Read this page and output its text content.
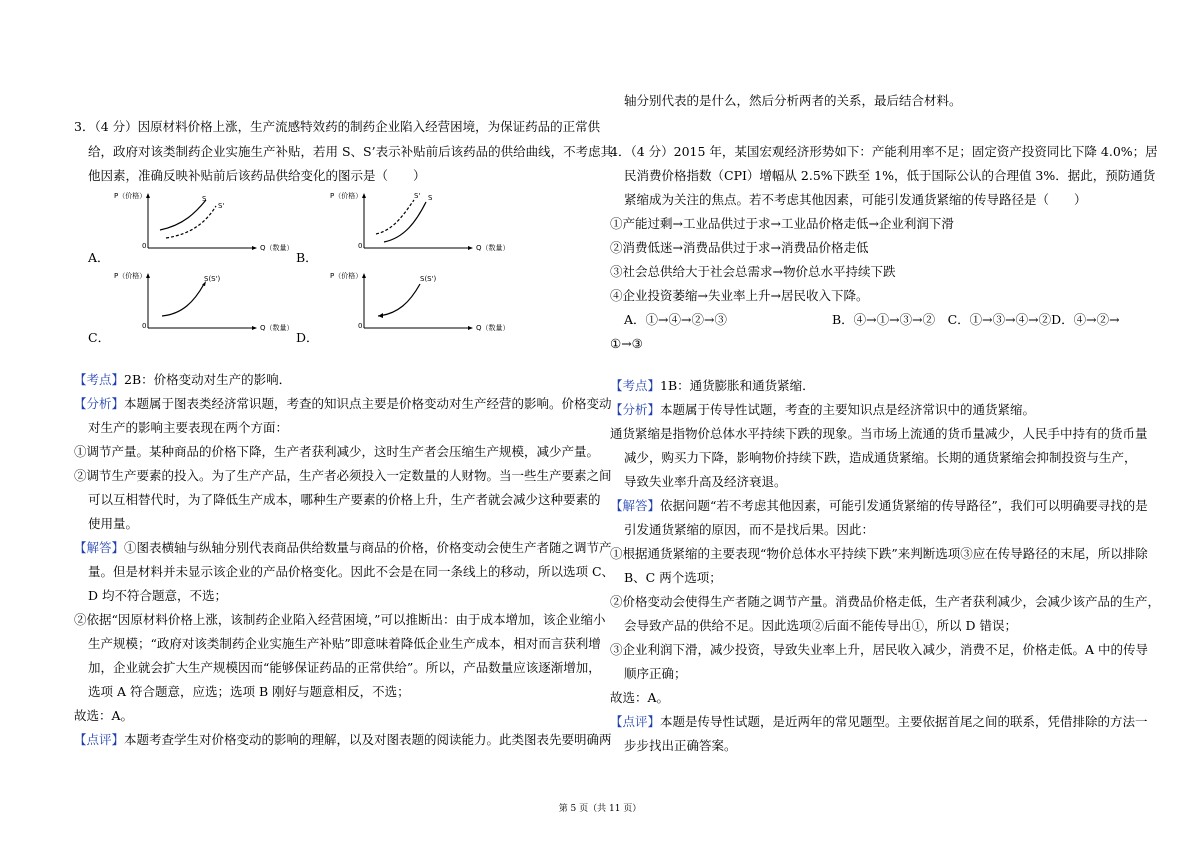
3．（4 分）因原材料价格上涨，生产流感特效药的制药企业陷入经营困境，为保证药品的正常供
给，政府对该类制药企业实施生产补贴，若用 S、S’表示补贴前后该药品的供给曲线，不考虑其
他因素，准确反映补贴前后该药品供给变化的图示是（　　）
P（价格）
0	Q（数量）
S
S'
A．
P（价格）
0	Q（数量）
S' S
B．
P（价格）
0	Q（数量）
S(S')
C．
P（价格）
0	Q（数量）
S(S')
D．
【考点】2B：价格变动对生产的影响．
【分析】本题属于图表类经济常识题，考查的知识点主要是价格变动对生产经营的影响。价格变动
对生产的影响主要表现在两个方面：
①调节产量。某种商品的价格下降，生产者获利减少，这时生产者会压缩生产规模，减少产量。
②调节生产要素的投入。为了生产产品，生产者必须投入一定数量的人财物。当一些生产要素之间
可以互相替代时，为了降低生产成本，哪种生产要素的价格上升，生产者就会减少这种要素的
使用量。
【解答】①图表横轴与纵轴分别代表商品供给数量与商品的价格，价格变动会使生产者随之调节产
量。但是材料并未显示该企业的产品价格变化。因此不会是在同一条线上的移动，所以选项 C、
D 均不符合题意，不选；
②依据“因原材料价格上涨，该制药企业陷入经营困境，”可以推断出：由于成本增加，该企业缩小
生产规模；“政府对该类制药企业实施生产补贴”即意味着降低企业生产成本，相对而言获利增
加，企业就会扩大生产规模因而“能够保证药品的正常供给”。所以，产品数量应该逐渐增加，
选项 A 符合题意，应选；选项 B 刚好与题意相反，不选；
故选：A。
【点评】本题考查学生对价格变动的影响的理解，以及对图表题的阅读能力。此类图表先要明确两
轴分别代表的是什么，然后分析两者的关系，最后结合材料。
4．（4 分）2015 年，某国宏观经济形势如下：产能利用率不足；固定资产投资同比下降 4.0%；居
民消费价格指数（CPI）增幅从 2.5%下跌至 1%，低于国际公认的合理值 3%．据此，预防通货
紧缩成为关注的焦点。若不考虑其他因素，可能引发通货紧缩的传导路径是（　　）
①产能过剩→工业品供过于求→工业品价格走低→企业利润下滑
②消费低迷→消费品供过于求→消费品价格走低
③社会总供给大于社会总需求→物价总水平持续下跌
④企业投资萎缩→失业率上升→居民收入下降。
A．①→④→②→③	B．④→①→③→②　C．①→③→④→②D．④→②→
①→③
【考点】1B：通货膨胀和通货紧缩．
【分析】本题属于传导性试题，考查的主要知识点是经济常识中的通货紧缩。
通货紧缩是指物价总体水平持续下跌的现象。当市场上流通的货币量减少，人民手中持有的货币量
减少，购买力下降，影响物价持续下跌，造成通货紧缩。长期的通货紧缩会抑制投资与生产，
导致失业率升高及经济衰退。
【解答】依据问题“若不考虑其他因素，可能引发通货紧缩的传导路径”，我们可以明确要寻找的是
引发通货紧缩的原因，而不是找后果。因此：
①根据通货紧缩的主要表现“物价总体水平持续下跌”来判断选项③应在传导路径的末尾，所以排除
B、C 两个选项；
②价格变动会使得生产者随之调节产量。消费品价格走低，生产者获利减少，会减少该产品的生产，
会导致产品的供给不足。因此选项②后面不能传导出①，所以 D 错误；
③企业利润下滑，减少投资，导致失业率上升，居民收入减少，消费不足，价格走低。A 中的传导
顺序正确；
故选：A。
【点评】本题是传导性试题，是近两年的常见题型。主要依据首尾之间的联系，凭借排除的方法一
步步找出正确答案。
第 5 页（共 11 页）
